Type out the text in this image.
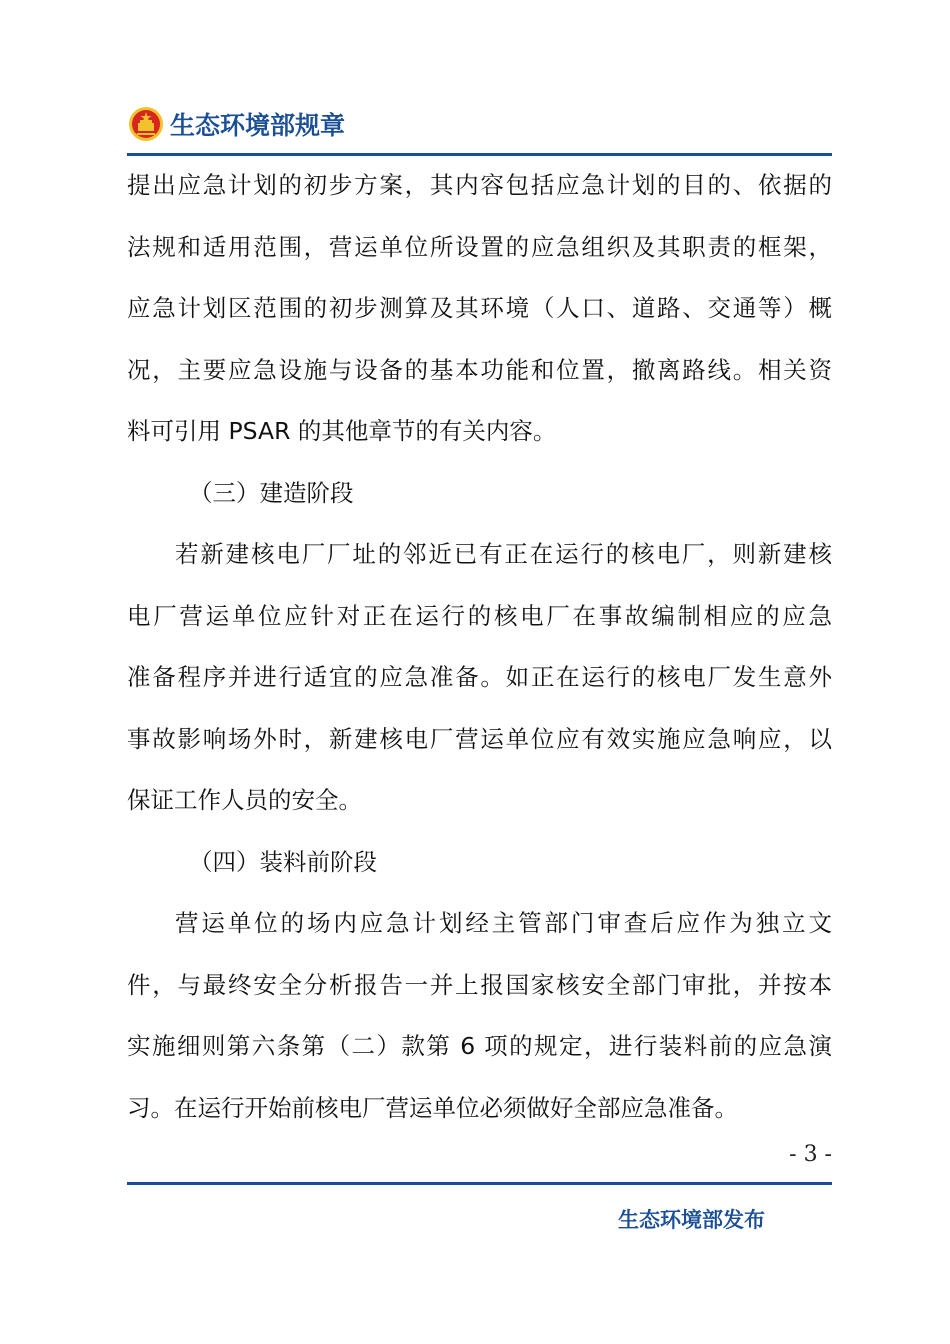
生态环境部规章
提出应急计划的初步方案，其内容包括应急计划的目的、依据的
法规和适用范围，营运单位所设置的应急组织及其职责的框架，
应急计划区范围的初步测算及其环境（人口、道路、交通等）概
况，主要应急设施与设备的基本功能和位置，撤离路线。相关资
料可引用 PSAR 的其他章节的有关内容。
（三）建造阶段
若新建核电厂厂址的邻近已有正在运行的核电厂，则新建核
电厂营运单位应针对正在运行的核电厂在事故编制相应的应急
准备程序并进行适宜的应急准备。如正在运行的核电厂发生意外
事故影响场外时，新建核电厂营运单位应有效实施应急响应，以
保证工作人员的安全。
（四）装料前阶段
营运单位的场内应急计划经主管部门审查后应作为独立文
件，与最终安全分析报告一并上报国家核安全部门审批，并按本
实施细则第六条第（二）款第 6 项的规定，进行装料前的应急演
习。在运行开始前核电厂营运单位必须做好全部应急准备。
- 3 -
生态环境部发布
